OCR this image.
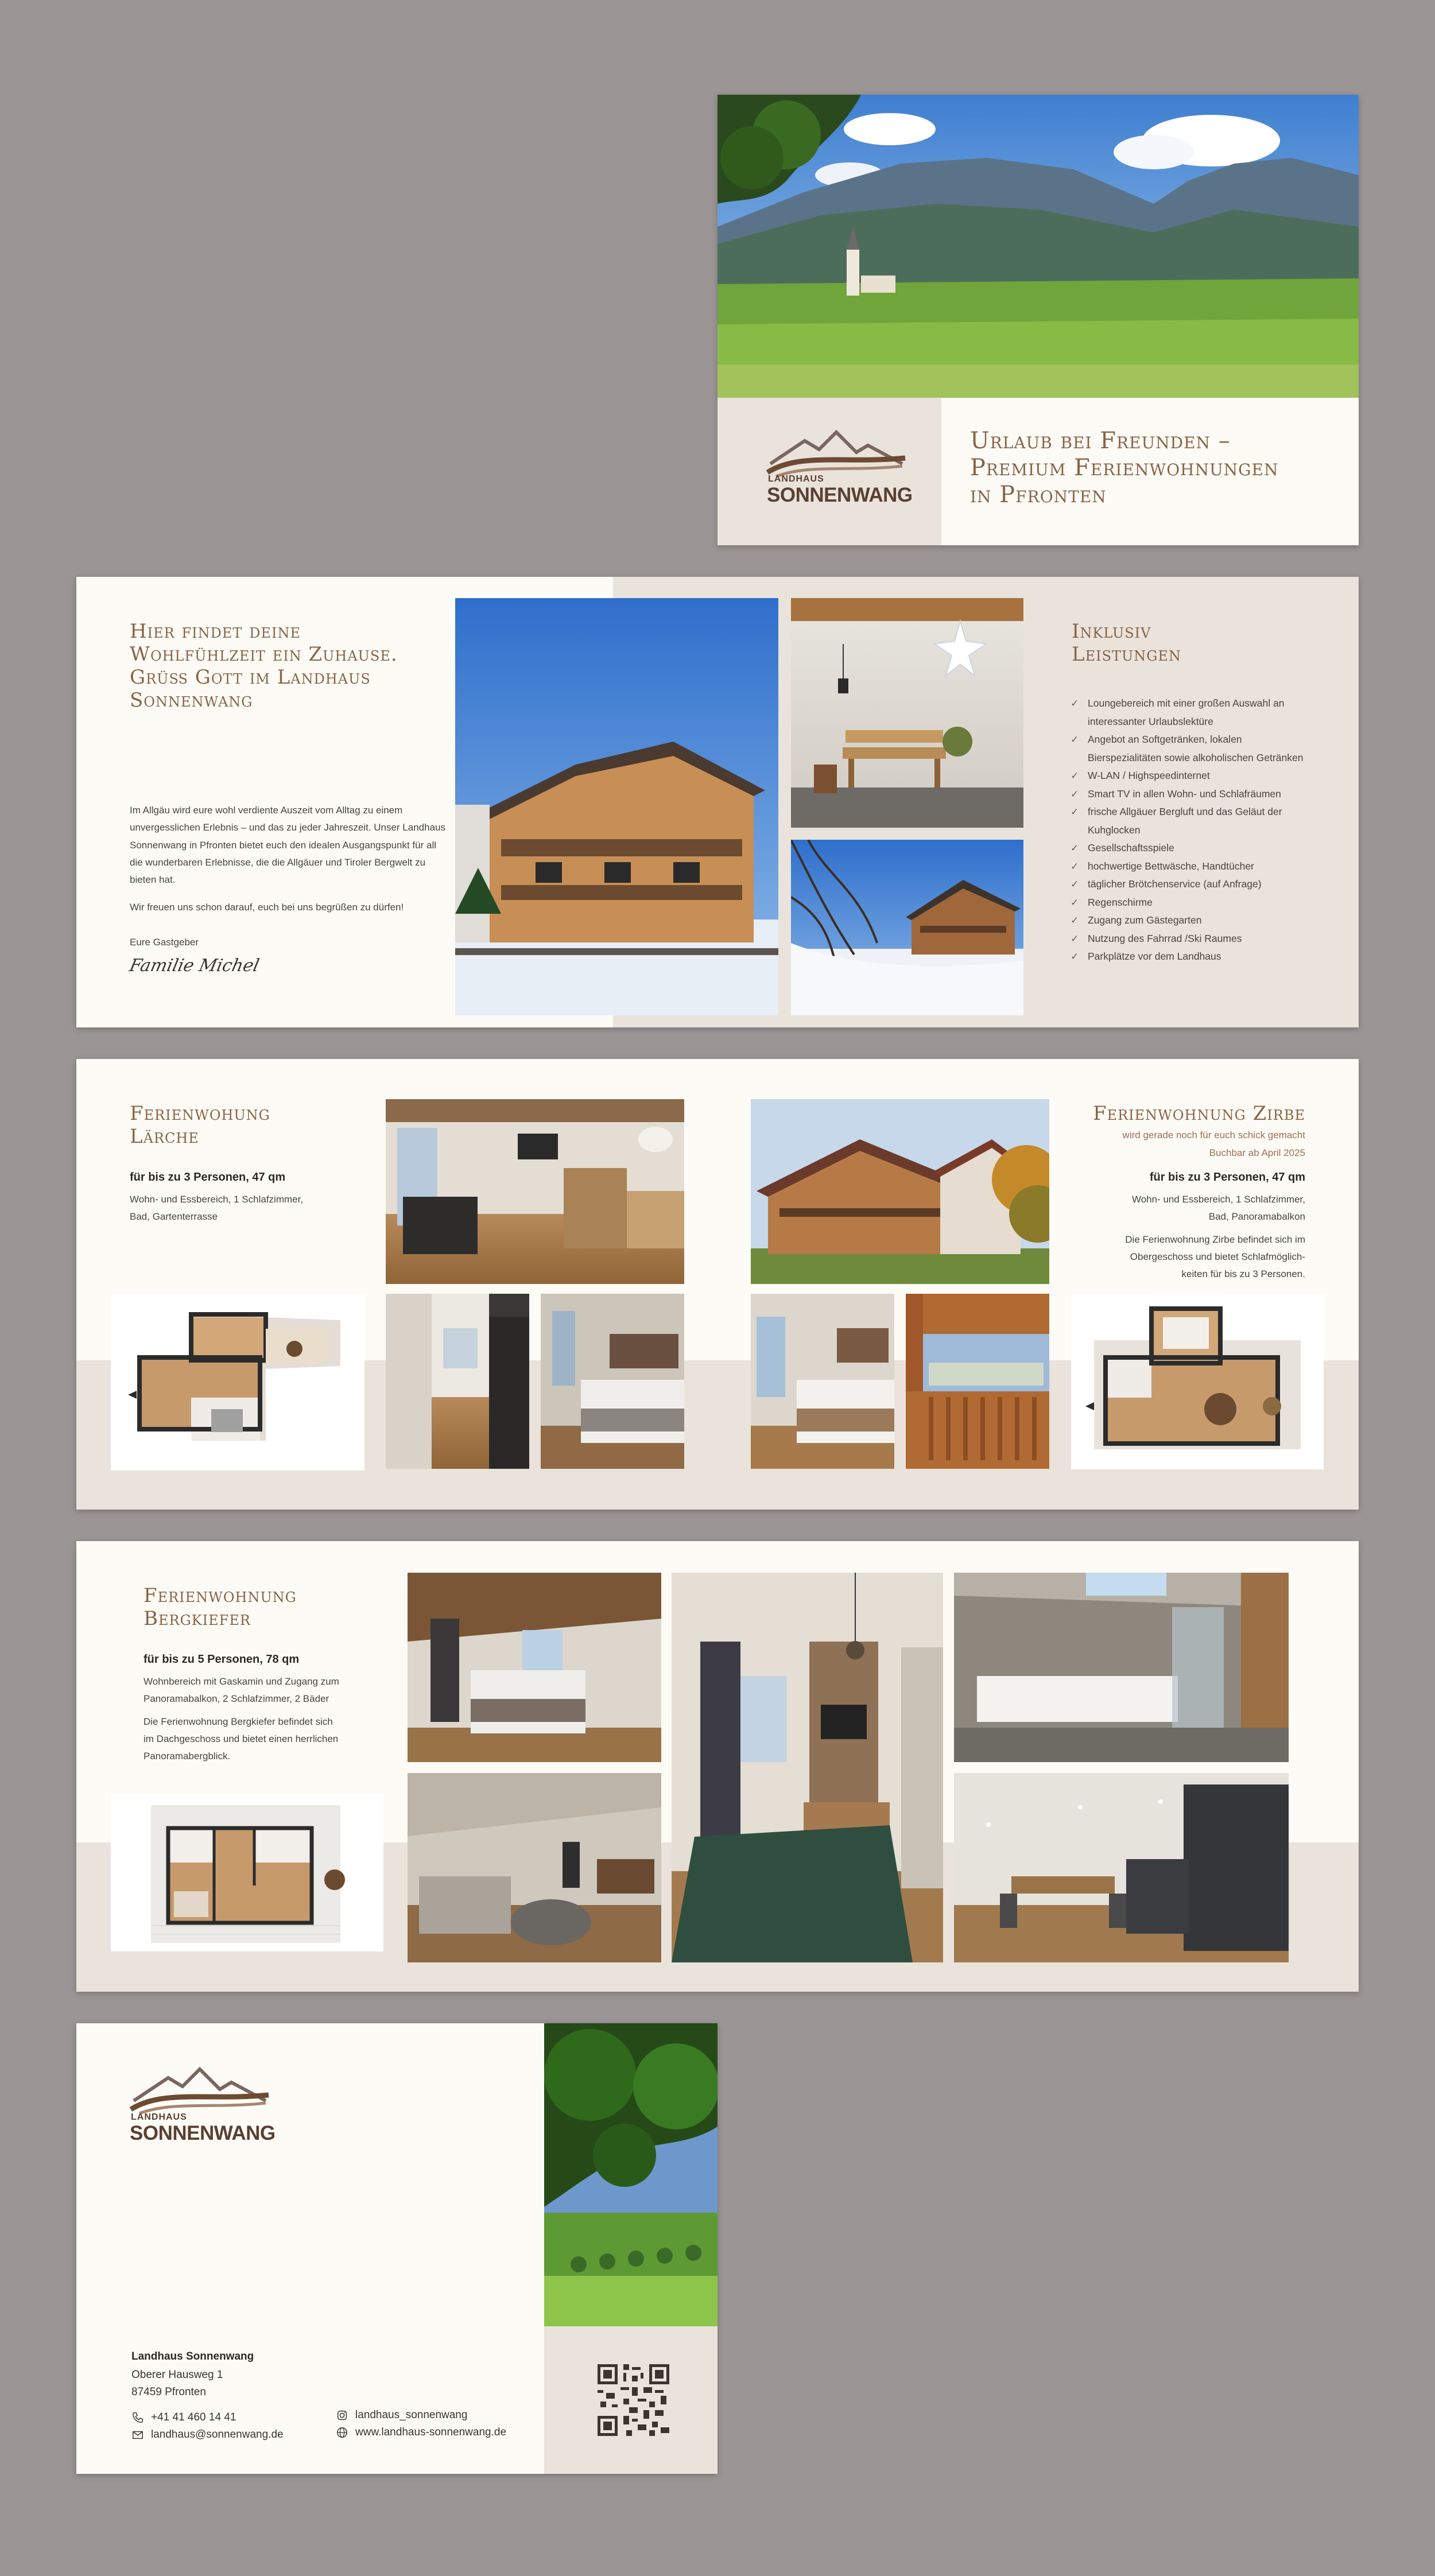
LANDHAUS
SONNENWANG
Urlaub bei Freunden –
Premium Ferienwohnungen
in Pfronten
Hier findet deine
Wohlfühlzeit ein Zuhause.
Grüß Gott im Landhaus
Sonnenwang

Im Allgäu wird eure wohl verdiente Auszeit vom Alltag zu einem unvergesslichen Erlebnis – und das zu jeder Jahreszeit. Unser Landhaus Sonnenwang in Pfronten bietet euch den idealen Ausgangspunkt für all die wunderbaren Erlebnisse, die die Allgäuer und Tiroler Bergwelt zu bieten hat.

Wir freuen uns schon darauf, euch bei uns begrüßen zu dürfen!

Eure Gastgeber

Familie Michel
Inklusiv
Leistungen
✓ Loungebereich mit einer großen Auswahl an
interessanter Urlaubslektüre
✓ Angebot an Softgetränken, lokalen
Bierspezialitäten sowie alkoholischen Getränken
✓ W-LAN / Highspeedinternet
✓ Smart TV in allen Wohn- und Schlafräumen
✓ frische Allgäuer Bergluft und das Geläut der
Kuhglocken
✓ Gesellschaftsspiele
✓ hochwertige Bettwäsche, Handtücher
✓ täglicher Brötchenservice (auf Anfrage)
✓ Regenschirme
✓ Zugang zum Gästegarten
✓ Nutzung des Fahrrad /Ski Raumes
✓ Parkplätze vor dem Landhaus
Ferienwohung
Lärche
für bis zu 3 Personen, 47 qm
Wohn- und Essbereich, 1 Schlafzimmer,
Bad, Gartenterrasse
Ferienwohnung Zirbe
wird gerade noch für euch schick gemacht
Buchbar ab April 2025
für bis zu 3 Personen, 47 qm
Wohn- und Essbereich, 1 Schlafzimmer,
Bad, Panoramabalkon
Die Ferienwohnung Zirbe befindet sich im
Obergeschoss und bietet Schlafmöglich-
keiten für bis zu 3 Personen.
Ferienwohnung
Bergkiefer
für bis zu 5 Personen, 78 qm
Wohnbereich mit Gaskamin und Zugang zum
Panoramabalkon, 2 Schlafzimmer, 2 Bäder
Die Ferienwohnung Bergkiefer befindet sich
im Dachgeschoss und bietet einen herrlichen
Panoramabergblick.
LANDHAUS
SONNENWANG
Landhaus Sonnenwang
Oberer Hausweg 1
87459 Pfronten
+41 41 460 14 41
landhaus@sonnenwang.de
landhaus_sonnenwang
www.landhaus-sonnenwang.de
